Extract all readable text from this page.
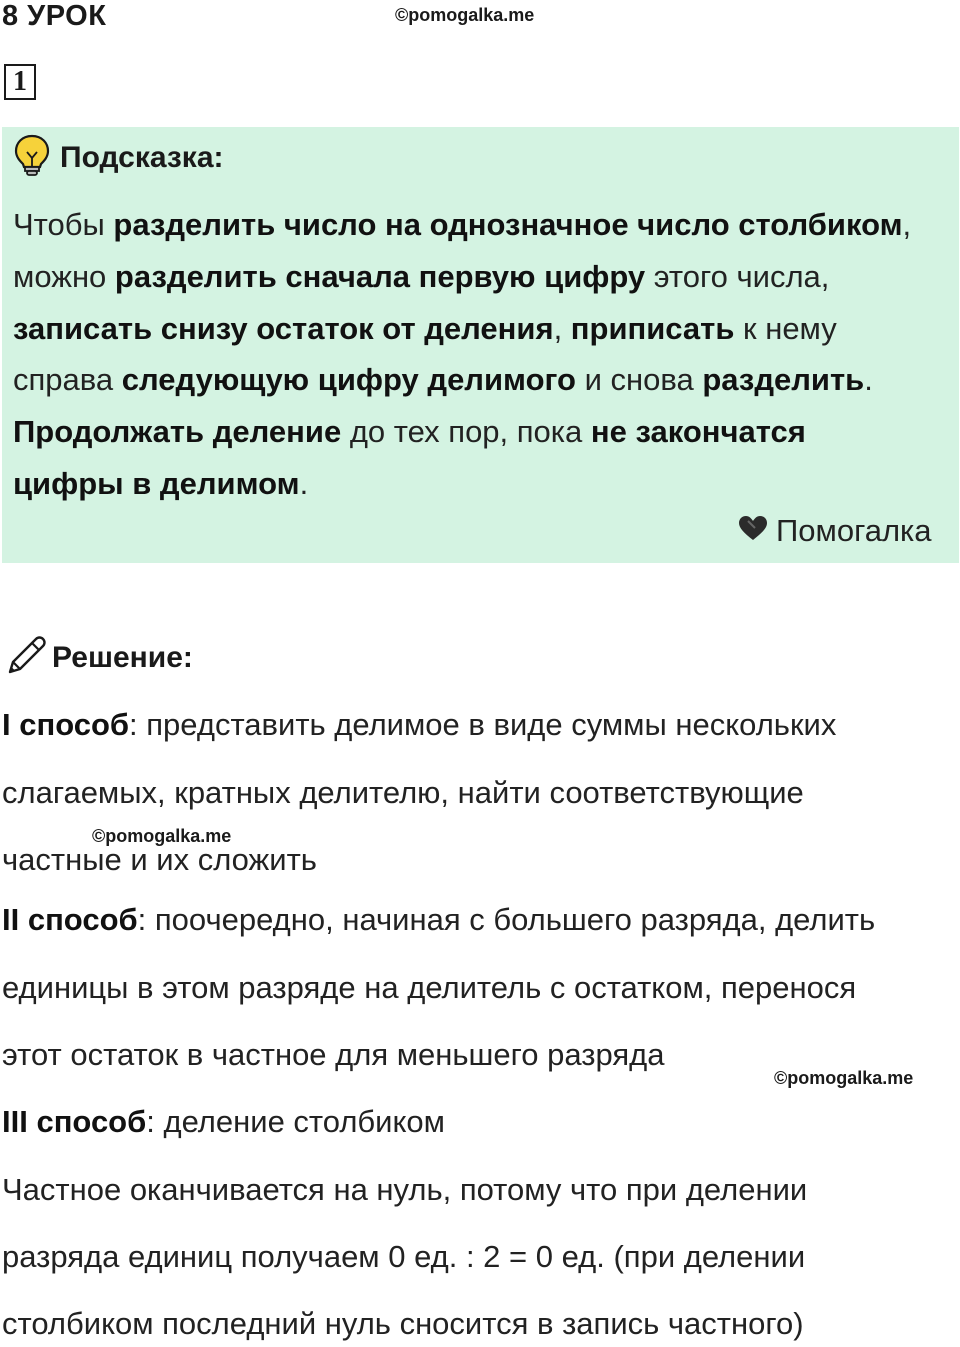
8 УРОК	©pomogalka.me
1
Подсказка:
Чтобы разделить число на однозначное число столбиком,
можно разделить сначала первую цифру этого числа,
записать снизу остаток от деления, приписать к нему
справа следующую цифру делимого и снова разделить.
Продолжать деление до тех пор, пока не закончатся
цифры в делимом.
Помогалка
Решение:
I способ: представить делимое в виде суммы нескольких
слагаемых, кратных делителю, найти соответствующие
частные и их сложить
II способ: поочередно, начиная с большего разряда, делить
единицы в этом разряде на делитель с остатком, перенося
этот остаток в частное для меньшего разряда
III способ: деление столбиком
Частное оканчивается на нуль, потому что при делении
разряда единиц получаем 0 ед. : 2 = 0 ед. (при делении
столбиком последний нуль сносится в запись частного)
©pomogalka.me
©pomogalka.me
